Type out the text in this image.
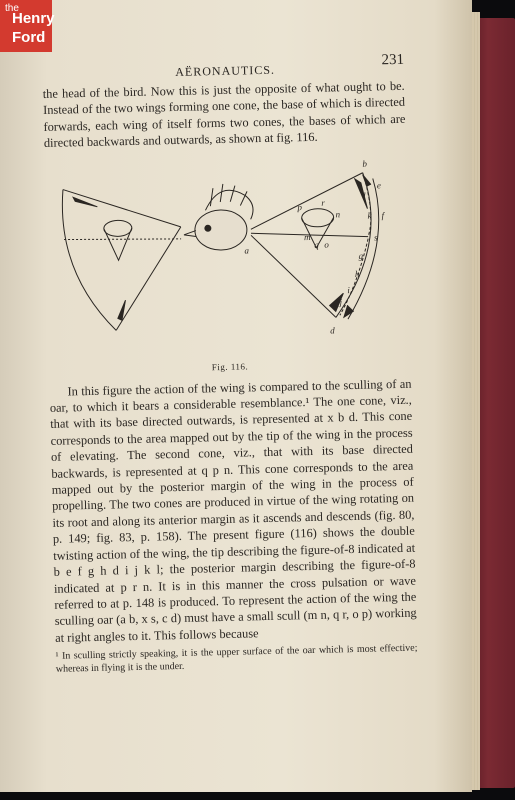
the
Henry
Ford
AËRONAUTICS.
231

the head of the bird. Now this is just the opposite of what ought to be. Instead of the two wings forming one cone, the base of which is directed forwards, each wing of itself forms two cones, the bases of which are directed backwards and outwards, as shown at fig. 116.

b
e
l
f
k
n
r
p
m
q o
s
g
h
i
j
d
a
Fig. 116.

In this figure the action of the wing is compared to the sculling of an oar, to which it bears a considerable resemblance.¹ The one cone, viz., that with its base directed outwards, is represented at x b d. This cone corresponds to the area mapped out by the tip of the wing in the process of elevating. The second cone, viz., that with its base directed backwards, is represented at q p n. This cone corresponds to the area mapped out by the posterior margin of the wing in the process of propelling. The two cones are produced in virtue of the wing rotating on its root and along its anterior margin as it ascends and descends (fig. 80, p. 149; fig. 83, p. 158). The present figure (116) shows the double twisting action of the wing, the tip describing the figure-of-8 indicated at b e f g h d i j k l; the posterior margin describing the figure-of-8 indicated at p r n. It is in this manner the cross pulsation or wave referred to at p. 148 is produced. To represent the action of the wing the sculling oar (a b, x s, c d) must have a small scull (m n, q r, o p) working at right angles to it. This follows because

¹ In sculling strictly speaking, it is the upper surface of the oar which is most effective; whereas in flying it is the under.
